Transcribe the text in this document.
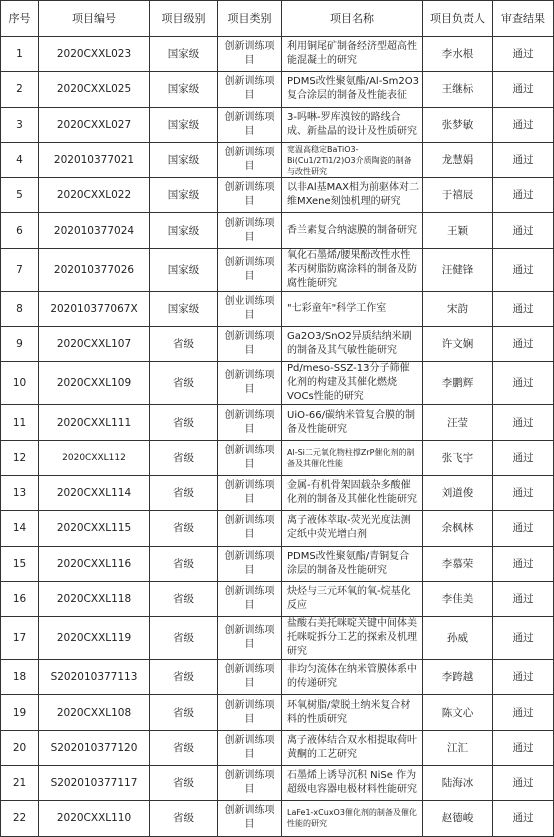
序号	项目编号	项目级别	项目类别	项目名称	项目负责人	审查结果
1	2020CXXL023	国家级	创新训练项目	利用铜尾矿制备经济型超高性能混凝土的研究	李水根	通过
2	2020CXXL025	国家级	创新训练项目	PDMS改性聚氨酯/Al-Sm2O3复合涂层的制备及性能表征	王继标	通过
3	2020CXXL027	国家级	创新训练项目	3-吗啉-罗库溴铵的路线合成、新盐晶的设计及性质研究	张梦敏	通过
4	202010377021	国家级	创新训练项目	宽温高稳定BaTiO3-Bi(Cu1/2Ti1/2)O3介质陶瓷的制备与改性研究	龙慧娟	通过
5	2020CXXL022	国家级	创新训练项目	以非Al基MAX相为前驱体对二维MXene刻蚀机理的研究	于禧辰	通过
6	202010377024	国家级	创新训练项目	香兰素复合纳滤膜的制备研究	王颖	通过
7	202010377026	国家级	创新训练项目	氧化石墨烯/腰果酚改性水性苯丙树脂防腐涂料的制备及防腐性能研究	汪健锋	通过
8	202010377067X	国家级	创业训练项目	"七彩童年"科学工作室	宋韵	通过
9	2020CXXL107	省级	创新训练项目	Ga2O3/SnO2异质结纳米刷的制备及其气敏性能研究	许文娴	通过
10	2020CXXL109	省级	创新训练项目	Pd/meso-SSZ-13分子筛催化剂的构建及其催化燃烧VOCs性能的研究	李鹏辉	通过
11	2020CXXL111	省级	创新训练项目	UiO-66/碳纳米管复合膜的制备及性能研究	汪莹	通过
12	2020CXXL112	省级	创新训练项目	Al-Si二元氧化物柱撑ZrP催化剂的制备及其催化性能	张飞宇	通过
13	2020CXXL114	省级	创新训练项目	金属-有机骨架固载杂多酸催化剂的制备及其催化性能研究	刘道俊	通过
14	2020CXXL115	省级	创新训练项目	离子液体萃取-荧光光度法测定纸中荧光增白剂	余枫林	通过
15	2020CXXL116	省级	创新训练项目	PDMS改性聚氨酯/青铜复合涂层的制备及性能研究	李慕荣	通过
16	2020CXXL118	省级	创新训练项目	炔烃与三元环氧的氧-烷基化反应	李佳美	通过
17	2020CXXL119	省级	创新训练项目	盐酸右美托咪啶关键中间体美托咪啶拆分工艺的探索及机理研究	孙威	通过
18	S202010377113	省级	创新训练项目	非均匀流体在纳米管膜体系中的传递研究	李跨越	通过
19	2020CXXL108	省级	创新训练项目	环氧树脂/蒙脱土纳米复合材料的性质研究	陈文心	通过
20	S202010377120	省级	创新训练项目	离子液体结合双水相提取荷叶黄酮的工艺研究	江汇	通过
21	S202010377117	省级	创新训练项目	石墨烯上诱导沉积 NiSe 作为超级电容器电极材料性能研究	陆海冰	通过
22	2020CXXL110	省级	创新训练项目	LaFe1-xCuxO3催化剂的制备及催化性能的研究	赵德峻	通过
